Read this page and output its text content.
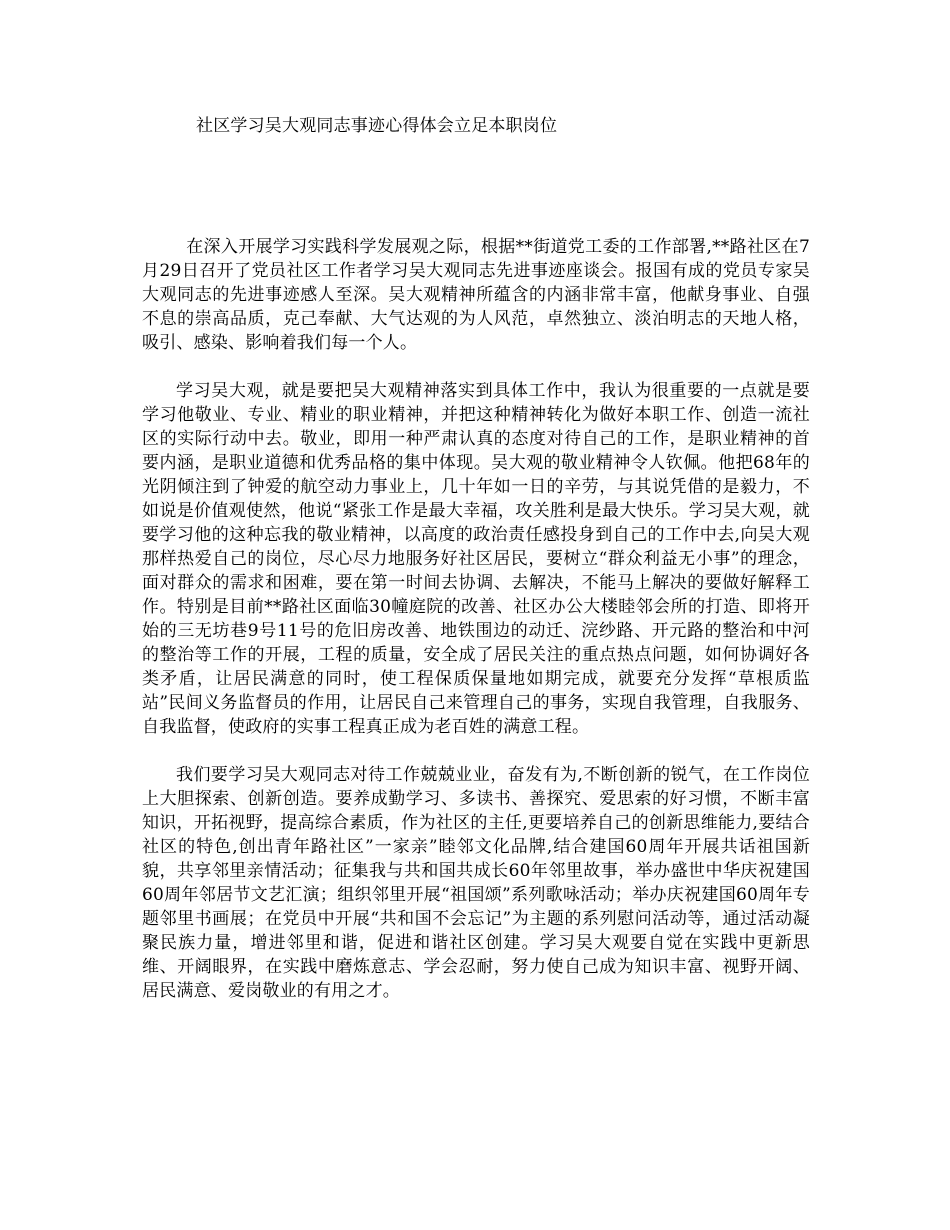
社区学习吴大观同志事迹心得体会立足本职岗位

在深入开展学习实践科学发展观之际，根据**街道党工委的工作部署,**路社区在7月29日召开了党员社区工作者学习吴大观同志先进事迹座谈会。报国有成的党员专家吴大观同志的先进事迹感人至深。吴大观精神所蕴含的内涵非常丰富，他献身事业、自强不息的崇高品质，克己奉献、大气达观的为人风范，卓然独立、淡泊明志的天地人格，吸引、感染、影响着我们每一个人。

学习吴大观，就是要把吴大观精神落实到具体工作中，我认为很重要的一点就是要学习他敬业、专业、精业的职业精神，并把这种精神转化为做好本职工作、创造一流社区的实际行动中去。敬业，即用一种严肃认真的态度对待自己的工作，是职业精神的首要内涵，是职业道德和优秀品格的集中体现。吴大观的敬业精神令人钦佩。他把68年的光阴倾注到了钟爱的航空动力事业上，几十年如一日的辛劳，与其说凭借的是毅力，不如说是价值观使然，他说“紧张工作是最大幸福，攻关胜利是最大快乐。学习吴大观，就要学习他的这种忘我的敬业精神，以高度的政治责任感投身到自己的工作中去,向吴大观那样热爱自己的岗位，尽心尽力地服务好社区居民，要树立“群众利益无小事”的理念，面对群众的需求和困难，要在第一时间去协调、去解决，不能马上解决的要做好解释工作。特别是目前**路社区面临30幢庭院的改善、社区办公大楼睦邻会所的打造、即将开始的三无坊巷9号11号的危旧房改善、地铁围边的动迁、浣纱路、开元路的整治和中河的整治等工作的开展，工程的质量，安全成了居民关注的重点热点问题，如何协调好各类矛盾，让居民满意的同时，使工程保质保量地如期完成，就要充分发挥“草根质监站”民间义务监督员的作用，让居民自己来管理自己的事务，实现自我管理，自我服务、自我监督，使政府的实事工程真正成为老百姓的满意工程。

我们要学习吴大观同志对待工作兢兢业业，奋发有为,不断创新的锐气，在工作岗位上大胆探索、创新创造。要养成勤学习、多读书、善探究、爱思索的好习惯，不断丰富知识，开拓视野，提高综合素质，作为社区的主任,更要培养自己的创新思维能力,要结合社区的特色,创出青年路社区”一家亲”睦邻文化品牌,结合建国60周年开展共话祖国新貌，共享邻里亲情活动；征集我与共和国共成长60年邻里故事，举办盛世中华庆祝建国60周年邻居节文艺汇演；组织邻里开展“祖国颂”系列歌咏活动；举办庆祝建国60周年专题邻里书画展；在党员中开展“共和国不会忘记”为主题的系列慰问活动等，通过活动凝聚民族力量，增进邻里和谐，促进和谐社区创建。学习吴大观要自觉在实践中更新思维、开阔眼界，在实践中磨炼意志、学会忍耐，努力使自己成为知识丰富、视野开阔、居民满意、爱岗敬业的有用之才。
